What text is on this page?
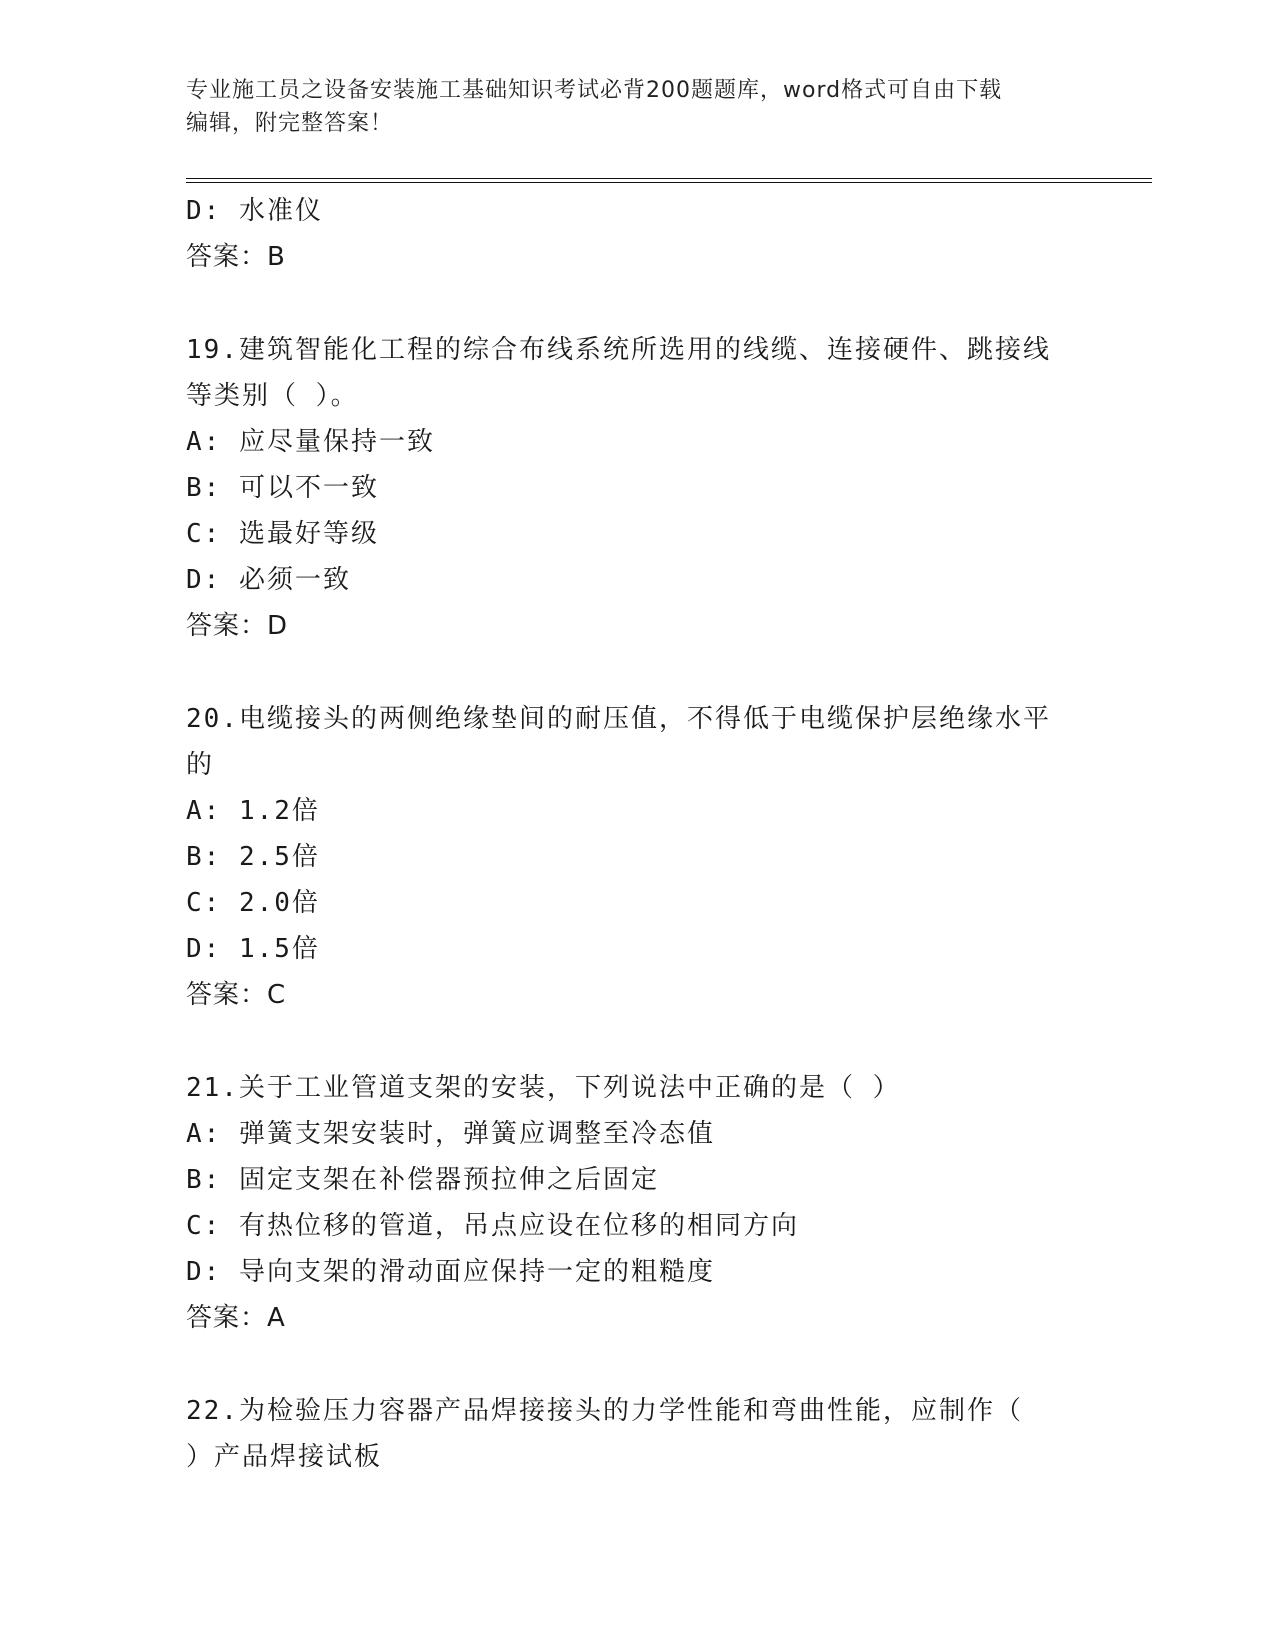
专业施工员之设备安装施工基础知识考试必背200题题库，word格式可自由下载
编辑，附完整答案！
D: 水准仪
答案：B
19.建筑智能化工程的综合布线系统所选用的线缆、连接硬件、跳接线
等类别（ ）。
A: 应尽量保持一致
B: 可以不一致
C: 选最好等级
D: 必须一致
答案：D
20.电缆接头的两侧绝缘垫间的耐压值，不得低于电缆保护层绝缘水平
的
A: 1.2倍
B: 2.5倍
C: 2.0倍
D: 1.5倍
答案：C
21.关于工业管道支架的安装，下列说法中正确的是（ ）
A: 弹簧支架安装时，弹簧应调整至冷态值
B: 固定支架在补偿器预拉伸之后固定
C: 有热位移的管道，吊点应设在位移的相同方向
D: 导向支架的滑动面应保持一定的粗糙度
答案：A
22.为检验压力容器产品焊接接头的力学性能和弯曲性能，应制作（
）产品焊接试板
